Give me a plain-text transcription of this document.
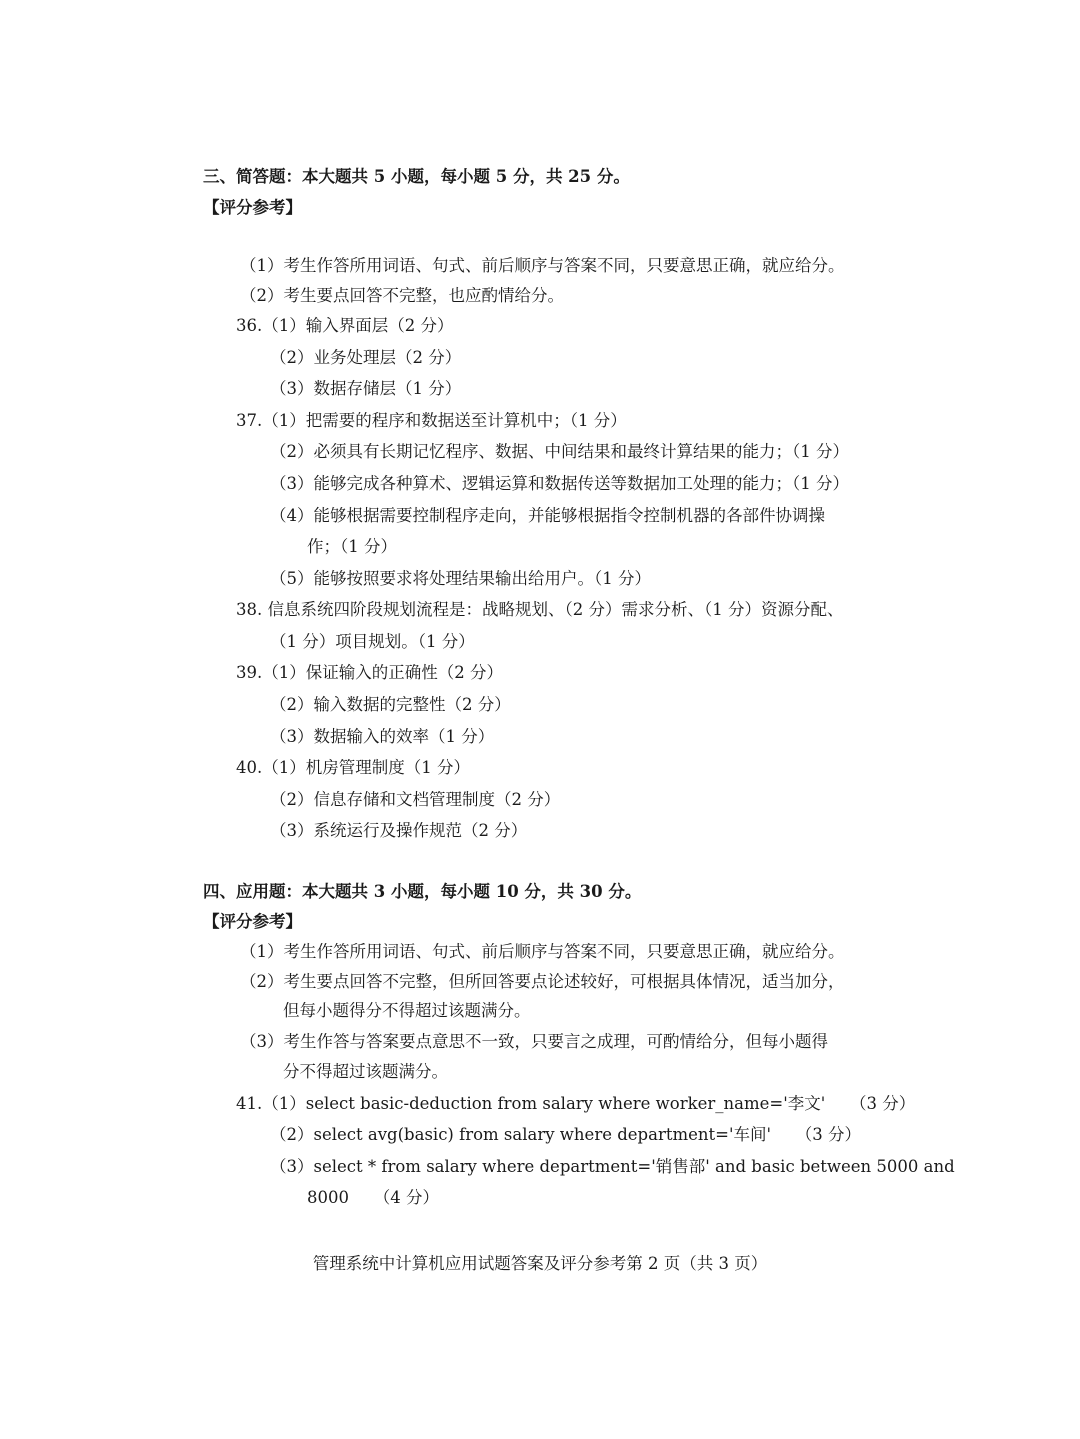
三、简答题：本大题共 5 小题，每小题 5 分，共 25 分。
【评分参考】
（1）考生作答所用词语、句式、前后顺序与答案不同，只要意思正确，就应给分。
（2）考生要点回答不完整，也应酌情给分。
36.（1）输入界面层（2 分）
（2）业务处理层（2 分）
（3）数据存储层（1 分）
37.（1）把需要的程序和数据送至计算机中；（1 分）
（2）必须具有长期记忆程序、数据、中间结果和最终计算结果的能力；（1 分）
（3）能够完成各种算术、逻辑运算和数据传送等数据加工处理的能力；（1 分）
（4）能够根据需要控制程序走向，并能够根据指令控制机器的各部件协调操
作；（1 分）
（5）能够按照要求将处理结果输出给用户。（1 分）
38. 信息系统四阶段规划流程是：战略规划、（2 分）需求分析、（1 分）资源分配、
（1 分）项目规划。（1 分）
39.（1）保证输入的正确性（2 分）
（2）输入数据的完整性（2 分）
（3）数据输入的效率（1 分）
40.（1）机房管理制度（1 分）
（2）信息存储和文档管理制度（2 分）
（3）系统运行及操作规范（2 分）
四、应用题：本大题共 3 小题，每小题 10 分，共 30 分。
【评分参考】
（1）考生作答所用词语、句式、前后顺序与答案不同，只要意思正确，就应给分。
（2）考生要点回答不完整，但所回答要点论述较好，可根据具体情况，适当加分，
但每小题得分不得超过该题满分。
（3）考生作答与答案要点意思不一致，只要言之成理，可酌情给分，但每小题得
分不得超过该题满分。
41.（1）select basic-deduction from salary where worker_name='李文'　　（3 分）
（2）select avg(basic) from salary where department='车间'　　（3 分）
（3）select * from salary where department='销售部' and basic between 5000 and
8000　　（4 分）
管理系统中计算机应用试题答案及评分参考第 2 页（共 3 页）
